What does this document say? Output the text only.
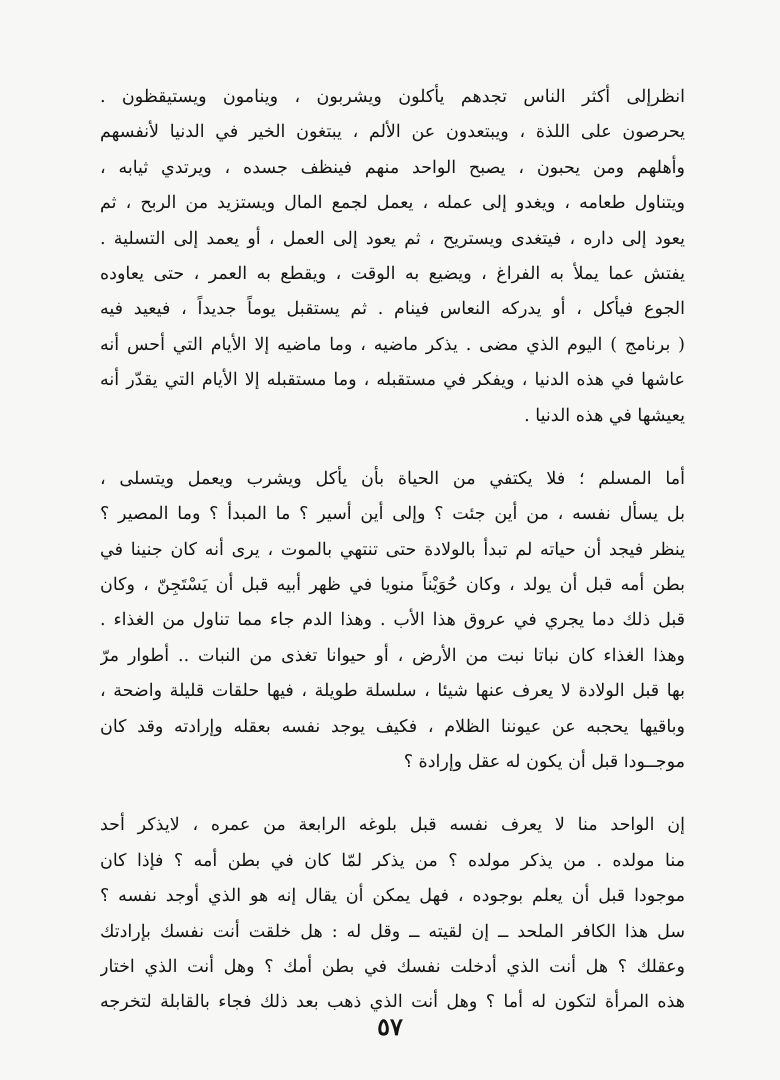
انظرإلى أكثر الناس تجدهم يأكلون ويشربون ، وينامون ويستيقظون .
يحرصون على اللذة ، ويبتعدون عن الألم ، يبتغون الخير في الدنيا لأنفسهم
وأهلهم ومن يحبون ، يصبح الواحد منهم فينظف جسده ، ويرتدي ثيابه ،
ويتناول طعامه ، ويغدو إلى عمله ، يعمل لجمع المال ويستزيد من الربح ، ثم
يعود إلى داره ، فيتغدى ويستريح ، ثم يعود إلى العمل ، أو يعمد إلى التسلية .
يفتش عما يملأ به الفراغ ، ويضيع به الوقت ، ويقطع به العمر ، حتى يعاوده
الجوع فيأكل ، أو يدركه النعاس فينام . ثم يستقبل يوماً جديداً ، فيعيد فيه
( برنامج ) اليوم الذي مضى . يذكر ماضيه ، وما ماضيه إلا الأيام التي أحس أنه
عاشها في هذه الدنيا ، ويفكر في مستقبله ، وما مستقبله إلا الأيام التي يقدّر أنه
يعيشها في هذه الدنيا .
أما المسلم ؛ فلا يكتفي من الحياة بأن يأكل ويشرب ويعمل ويتسلى ،
بل يسأل نفسه ، من أين جئت ؟ وإلى أين أسير ؟ ما المبدأ ؟ وما المصير ؟
ينظر فيجد أن حياته لم تبدأ بالولادة حتى تنتهي بالموت ، يرى أنه كان جنينا في
بطن أمه قبل أن يولد ، وكان حُوَيْناً منويا في ظهر أبيه قبل أن يَسْتَجِنّ ، وكان
قبل ذلك دما يجري في عروق هذا الأب . وهذا الدم جاء مما تناول من الغذاء .
وهذا الغذاء كان نباتا نبت من الأرض ، أو حيوانا تغذى من النبات .. أطوار مرّ
بها قبل الولادة لا يعرف عنها شيئا ، سلسلة طويلة ، فيها حلقات قليلة واضحة ،
وباقيها يحجبه عن عيوننا الظلام ، فكيف يوجد نفسه بعقله وإرادته وقد كان
موجــودا قبل أن يكون له عقل وإرادة ؟
إن الواحد منا لا يعرف نفسه قبل بلوغه الرابعة من عمره ، لايذكر أحد
منا مولده . من يذكر مولده ؟ من يذكر لمّا كان في بطن أمه ؟ فإذا كان
موجودا قبل أن يعلم بوجوده ، فهل يمكن أن يقال إنه هو الذي أوجد نفسه ؟
سل هذا الكافر الملحد ــ إن لقيته ــ وقل له : هل خلقت أنت نفسك بإرادتك
وعقلك ؟ هل أنت الذي أدخلت نفسك في بطن أمك ؟ وهل أنت الذي اختار
هذه المرأة لتكون له أما ؟ وهل أنت الذي ذهب بعد ذلك فجاء بالقابلة لتخرجه
٥٧
